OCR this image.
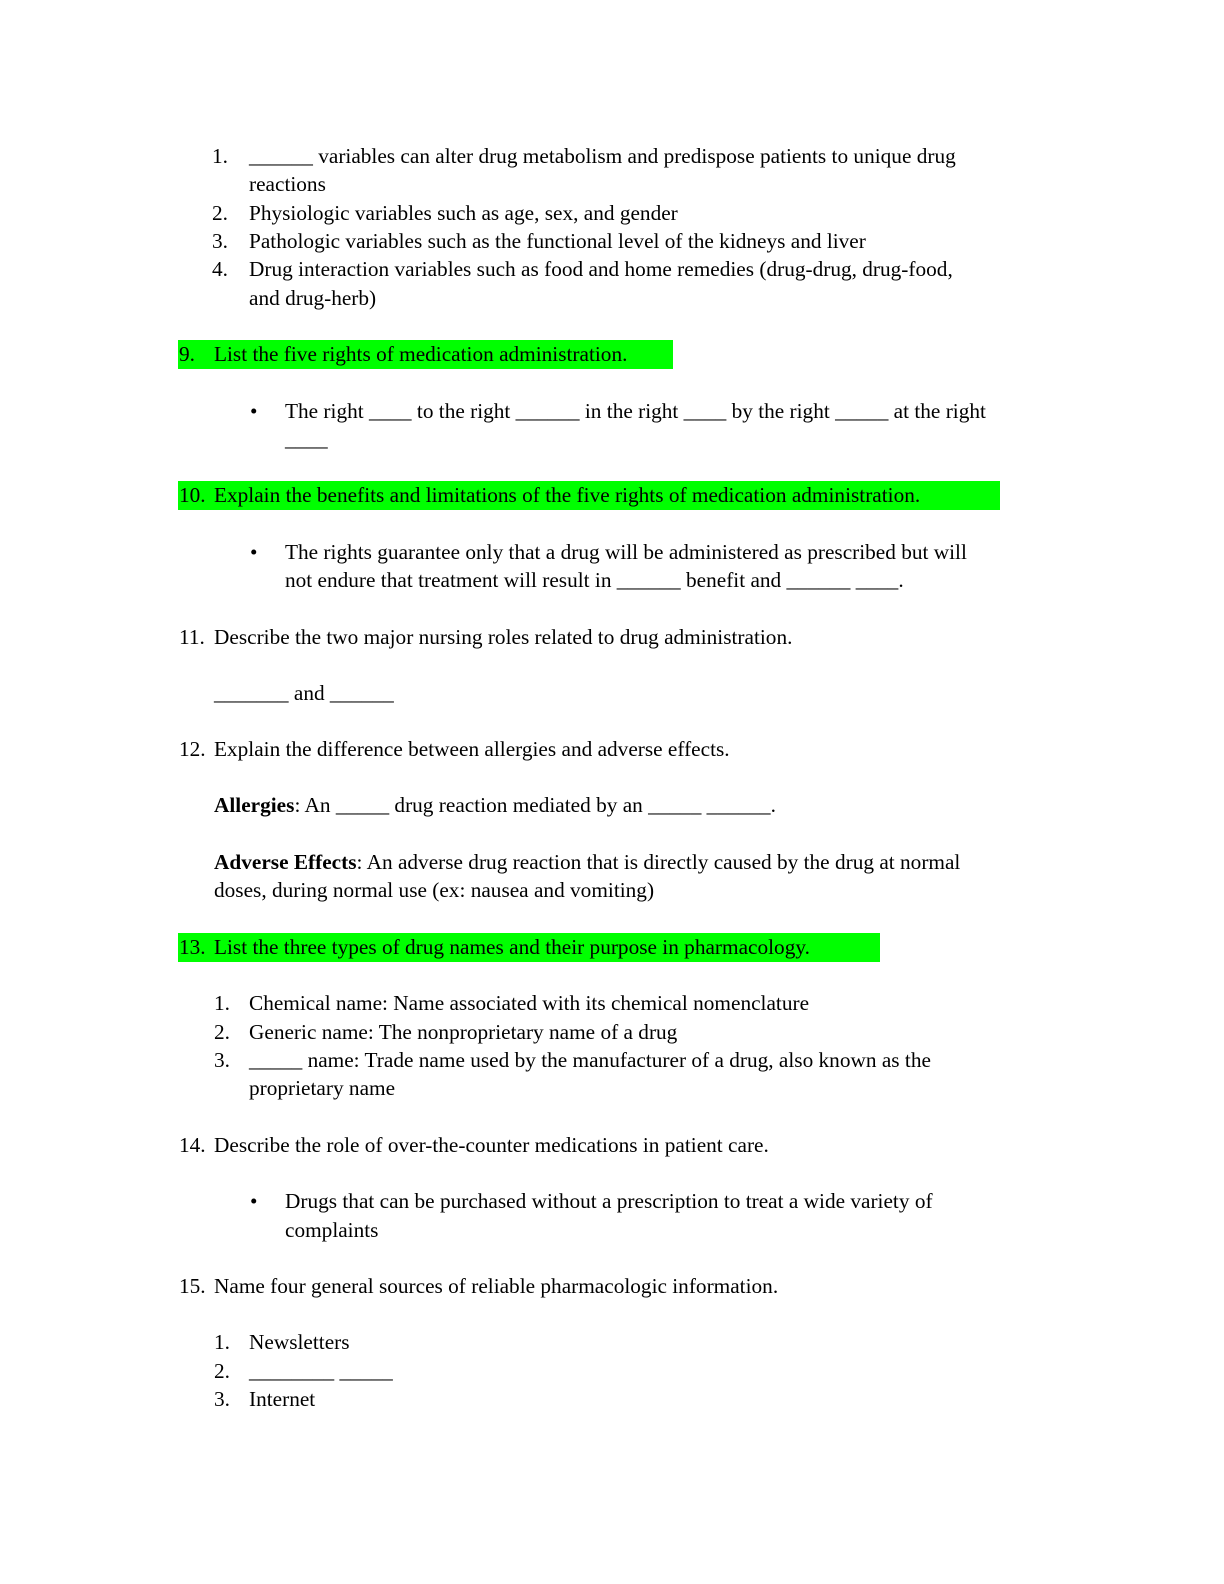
1. ______ variables can alter drug metabolism and predispose patients to unique drug
reactions
2. Physiologic variables such as age, sex, and gender
3. Pathologic variables such as the functional level of the kidneys and liver
4. Drug interaction variables such as food and home remedies (drug-drug, drug-food,
and drug-herb)
9. List the five rights of medication administration.
• The right ____ to the right ______ in the right ____ by the right _____ at the right
____
10. Explain the benefits and limitations of the five rights of medication administration.
• The rights guarantee only that a drug will be administered as prescribed but will
not endure that treatment will result in ______ benefit and ______ ____.
11. Describe the two major nursing roles related to drug administration.
_______ and ______
12. Explain the difference between allergies and adverse effects.
Allergies: An _____ drug reaction mediated by an _____ ______.
Adverse Effects: An adverse drug reaction that is directly caused by the drug at normal
doses, during normal use (ex: nausea and vomiting)
13. List the three types of drug names and their purpose in pharmacology.
1. Chemical name: Name associated with its chemical nomenclature
2. Generic name: The nonproprietary name of a drug
3. _____ name: Trade name used by the manufacturer of a drug, also known as the
proprietary name
14. Describe the role of over-the-counter medications in patient care.
• Drugs that can be purchased without a prescription to treat a wide variety of
complaints
15. Name four general sources of reliable pharmacologic information.
1. Newsletters
2. ________ _____
3. Internet
